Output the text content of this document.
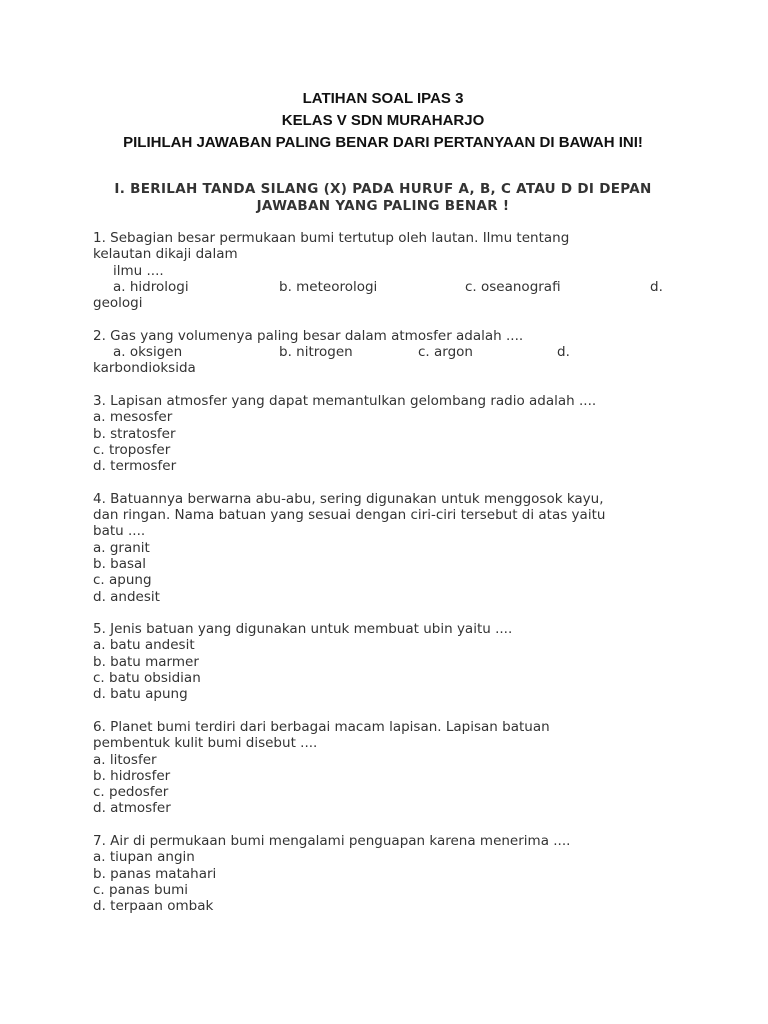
LATIHAN SOAL IPAS 3
KELAS V SDN MURAHARJO
PILIHLAH JAWABAN PALING BENAR DARI PERTANYAAN DI BAWAH INI!
I. BERILAH TANDA SILANG (X) PADA HURUF A, B, C ATAU D DI DEPAN
JAWABAN YANG PALING BENAR !
1. Sebagian besar permukaan bumi tertutup oleh lautan. Ilmu tentang
kelautan dikaji dalam
ilmu ....
a. hidrologi	b. meteorologi	c. oseanografi	d.
geologi
2. Gas yang volumenya paling besar dalam atmosfer adalah ....
a. oksigen	b. nitrogen	c. argon	d.
karbondioksida
3. Lapisan atmosfer yang dapat memantulkan gelombang radio adalah ....
a. mesosfer
b. stratosfer
c. troposfer
d. termosfer
4. Batuannya berwarna abu-abu, sering digunakan untuk menggosok kayu,
dan ringan. Nama batuan yang sesuai dengan ciri-ciri tersebut di atas yaitu
batu ....
a. granit
b. basal
c. apung
d. andesit
5. Jenis batuan yang digunakan untuk membuat ubin yaitu ....
a. batu andesit
b. batu marmer
c. batu obsidian
d. batu apung
6. Planet bumi terdiri dari berbagai macam lapisan. Lapisan batuan
pembentuk kulit bumi disebut ....
a. litosfer
b. hidrosfer
c. pedosfer
d. atmosfer
7. Air di permukaan bumi mengalami penguapan karena menerima ....
a. tiupan angin
b. panas matahari
c. panas bumi
d. terpaan ombak
